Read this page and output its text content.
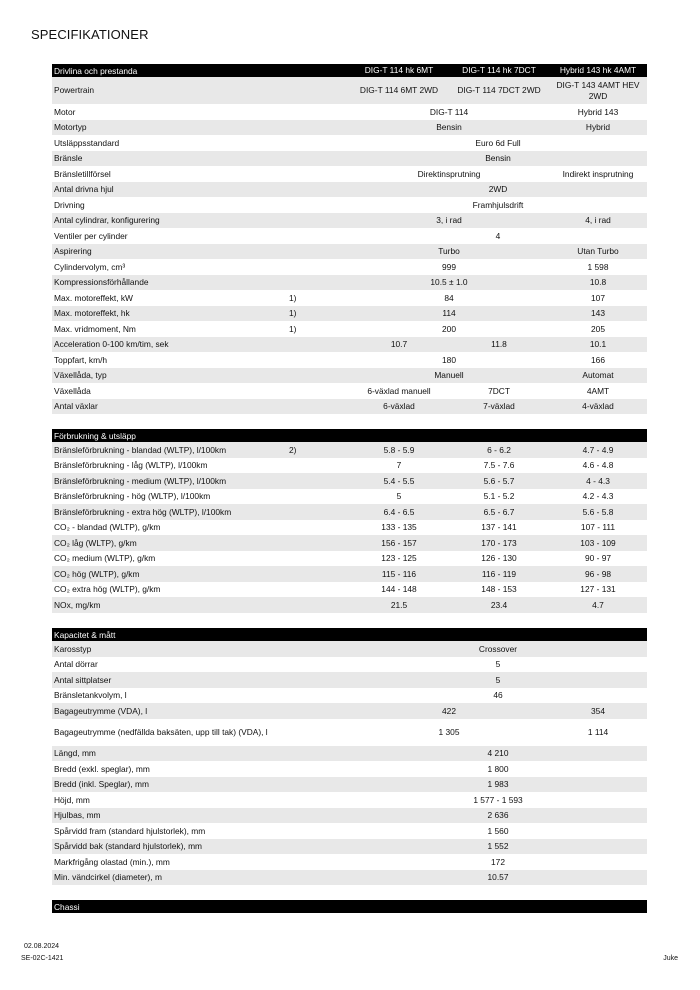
SPECIFIKATIONER
Drivlina och prestanda		DIG-T 114 hk 6MT	DIG-T 114 hk 7DCT	Hybrid 143 hk 4AMT
Powertrain		DIG-T 114 6MT 2WD	DIG-T 114 7DCT 2WD	DIG-T 143 4AMT HEV 2WD
Motor		DIG-T 114		Hybrid 143
Motortyp		Bensin		Hybrid
Utsläppsstandard		Euro 6d Full		
Bränsle		Bensin		
Bränsletillförsel		Direktinsprutning		Indirekt insprutning
Antal drivna hjul		2WD		
Drivning		Framhjulsdrift		
Antal cylindrar, konfigurering		3, i rad		4, i rad
Ventiler per cylinder		4		
Aspirering		Turbo		Utan Turbo
Cylindervolym, cm³		999		1 598
Kompressionsförhållande		10.5 ± 1.0		10.8
Max. motoreffekt, kW	1)	84		107
Max. motoreffekt, hk	1)	114		143
Max. vridmoment, Nm	1)	200		205
Acceleration 0-100 km/tim, sek		10.7	11.8	10.1
Toppfart, km/h		180		166
Växellåda, typ		Manuell		Automat
Växellåda		6-växlad manuell	7DCT	4AMT
Antal växlar		6-växlad	7-växlad	4-växlad
Förbrukning & utsläpp				
Bränsleförbrukning - blandad (WLTP), l/100km	2)	5.8 - 5.9	6 - 6.2	4.7 - 4.9
Bränsleförbrukning - låg (WLTP), l/100km		7	7.5 - 7.6	4.6 - 4.8
Bränsleförbrukning - medium (WLTP), l/100km		5.4 - 5.5	5.6 - 5.7	4 - 4.3
Bränsleförbrukning - hög (WLTP), l/100km		5	5.1 - 5.2	4.2 - 4.3
Bränsleförbrukning - extra hög (WLTP), l/100km		6.4 - 6.5	6.5 - 6.7	5.6 - 5.8
CO₂ - blandad (WLTP), g/km		133 - 135	137 - 141	107 - 111
CO₂ låg (WLTP), g/km		156 - 157	170 - 173	103 - 109
CO₂ medium (WLTP), g/km		123 - 125	126 - 130	90 - 97
CO₂ hög (WLTP), g/km		115 - 116	116 - 119	96 - 98
CO₂ extra hög (WLTP), g/km		144 - 148	148 - 153	127 - 131
NOx, mg/km		21.5	23.4	4.7

Kapacitet & mått				
Karosstyp		Crossover		
Antal dörrar		5		
Antal sittplatser		5		
Bränsletankvolym, l		46		
Bagageutrymme (VDA), l		422		354
Bagageutrymme (nedfällda baksäten, upp till tak) (VDA), l		1 305		1 114
Längd, mm		4 210		
Bredd (exkl. speglar), mm		1 800		
Bredd (inkl. Speglar), mm		1 983		
Höjd, mm		1 577 - 1 593		
Hjulbas, mm		2 636		
Spårvidd fram (standard hjulstorlek), mm		1 560		
Spårvidd bak (standard hjulstorlek), mm		1 552		
Markfrigång olastad (min.), mm		172		
Min. vändcirkel (diameter), m		10.57		

Chassi				
02.08.2024
SE-02C-1421	Juke
